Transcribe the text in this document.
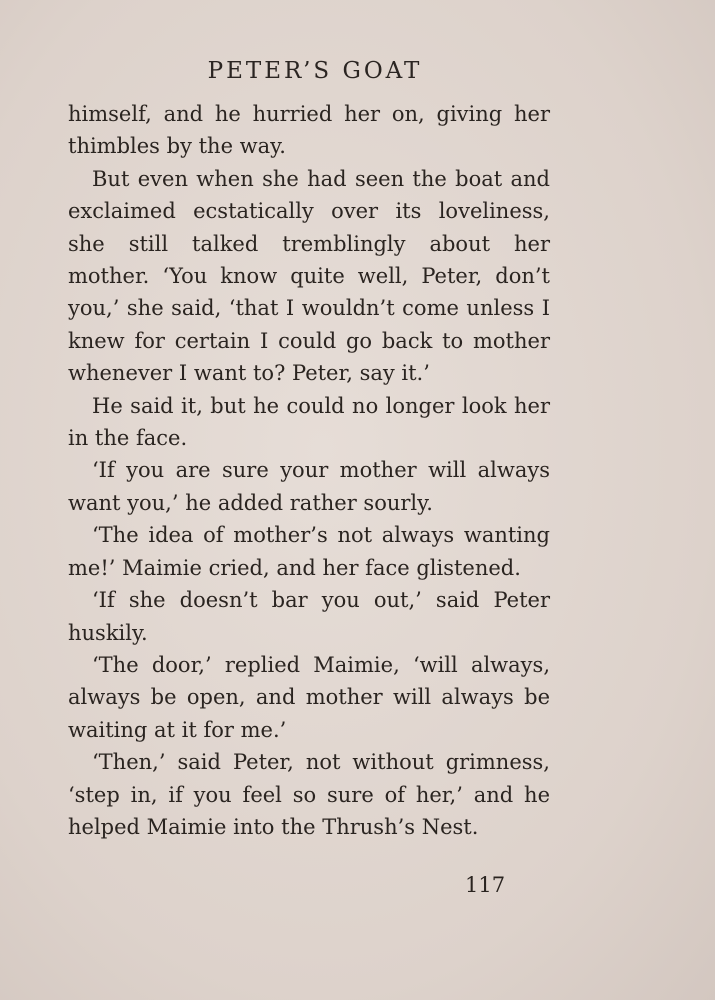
PETER’S GOAT

himself, and he hurried her on, giving her thimbles by the way.

But even when she had seen the boat and exclaimed ecstatically over its loveliness, she still talked tremblingly about her mother. ‘You know quite well, Peter, don’t you,’ she said, ‘that I wouldn’t come unless I knew for certain I could go back to mother whenever I want to? Peter, say it.’

He said it, but he could no longer look her in the face.

‘If you are sure your mother will always want you,’ he added rather sourly.

‘The idea of mother’s not always wanting me!’ Maimie cried, and her face glistened.

‘If she doesn’t bar you out,’ said Peter huskily.

‘The door,’ replied Maimie, ‘will always, always be open, and mother will always be waiting at it for me.’

‘Then,’ said Peter, not without grimness, ‘step in, if you feel so sure of her,’ and he helped Maimie into the Thrush’s Nest.

117
